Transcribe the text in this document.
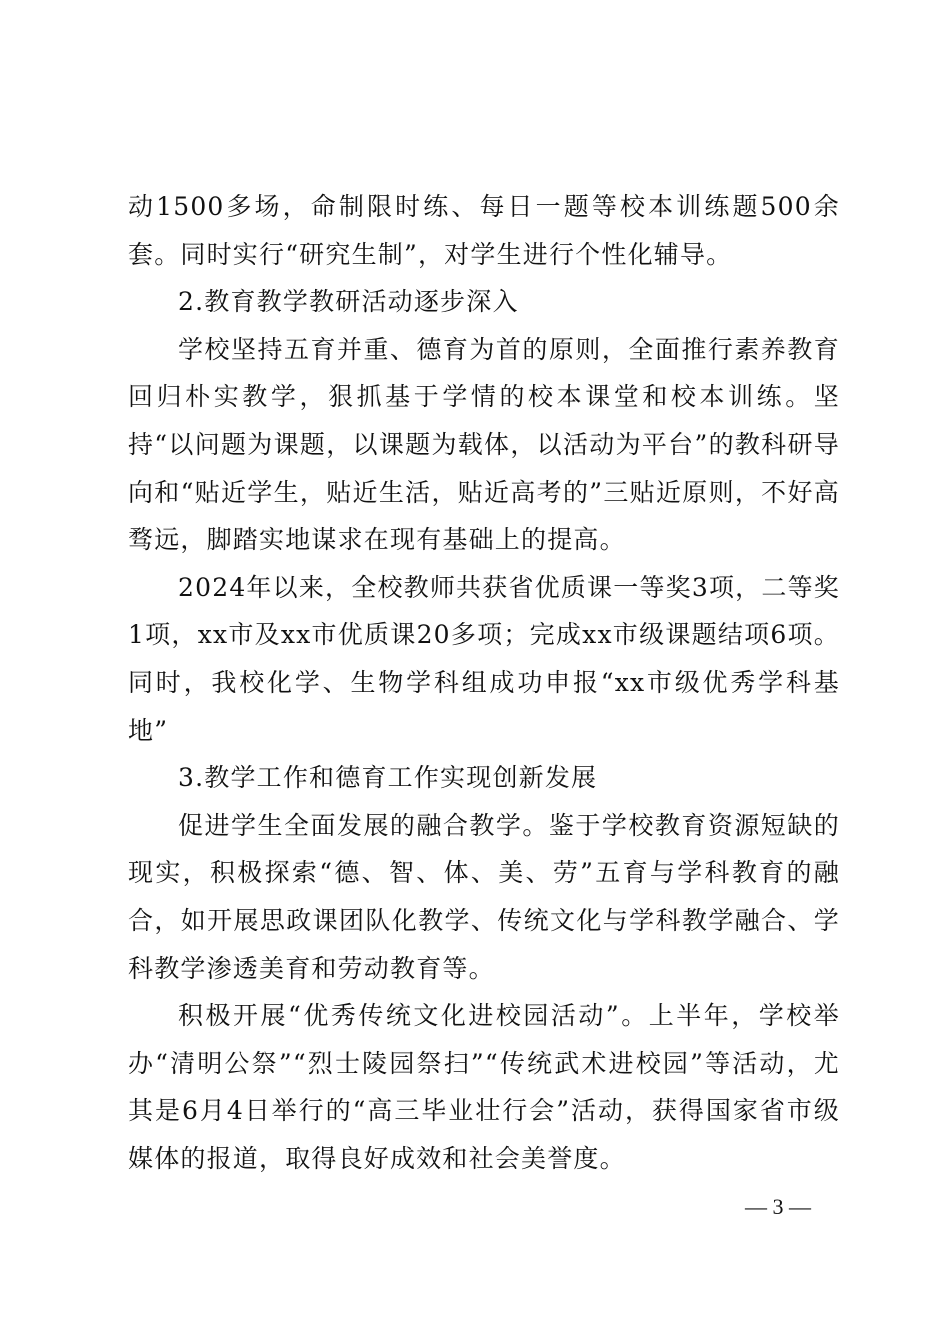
动1500多场，命制限时练、每日一题等校本训练题500余套。同时实行“研究生制”，对学生进行个性化辅导。

2.教育教学教研活动逐步深入

学校坚持五育并重、德育为首的原则，全面推行素养教育回归朴实教学，狠抓基于学情的校本课堂和校本训练。坚持“以问题为课题，以课题为载体，以活动为平台”的教科研导向和“贴近学生，贴近生活，贴近高考的”三贴近原则，不好高骛远，脚踏实地谋求在现有基础上的提高。

2024年以来，全校教师共获省优质课一等奖3项，二等奖1项，xx市及xx市优质课20多项；完成xx市级课题结项6项。同时，我校化学、生物学科组成功申报“xx市级优秀学科基地”

3.教学工作和德育工作实现创新发展

促进学生全面发展的融合教学。鉴于学校教育资源短缺的现实，积极探索“德、智、体、美、劳”五育与学科教育的融合，如开展思政课团队化教学、传统文化与学科教学融合、学科教学渗透美育和劳动教育等。

积极开展“优秀传统文化进校园活动”。上半年，学校举办“清明公祭”“烈士陵园祭扫”“传统武术进校园”等活动，尤其是6月4日举行的“高三毕业壮行会”活动，获得国家省市级媒体的报道，取得良好成效和社会美誉度。

— 3 —
